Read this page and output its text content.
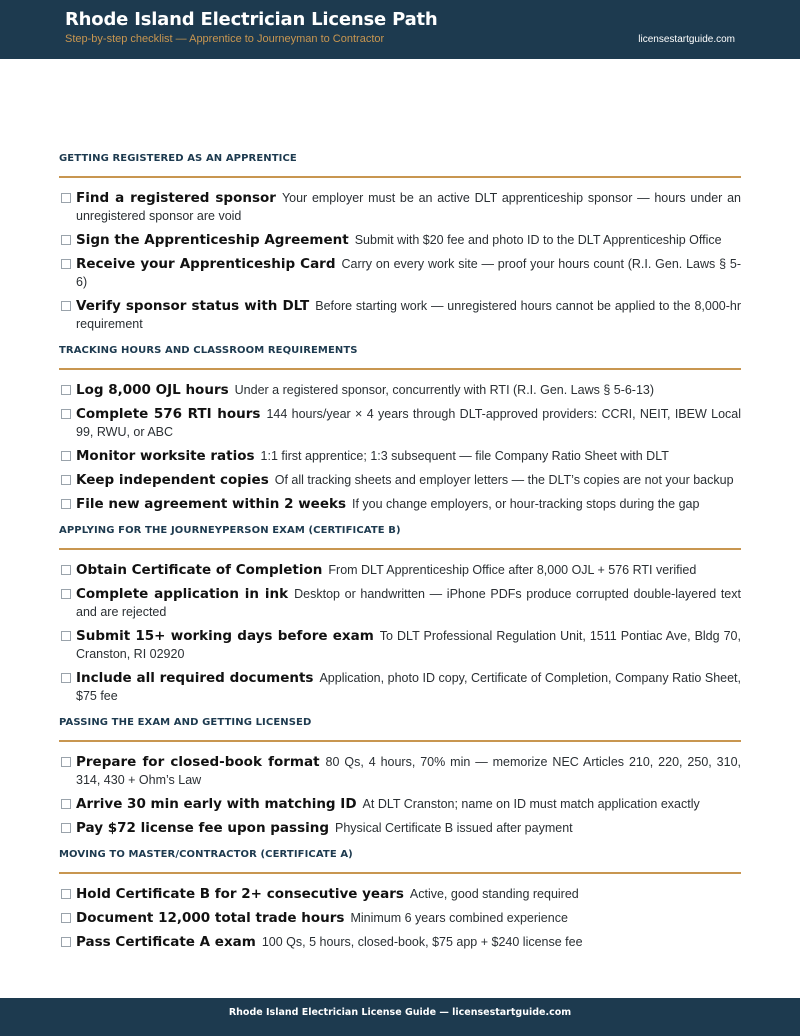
Rhode Island Electrician License Path
Step-by-step checklist — Apprentice to Journeyman to Contractor	licensestartguide.com
GETTING REGISTERED AS AN APPRENTICE
Find a registered sponsor Your employer must be an active DLT apprenticeship sponsor — hours under an unregistered sponsor are void
Sign the Apprenticeship Agreement Submit with $20 fee and photo ID to the DLT Apprenticeship Office
Receive your Apprenticeship Card Carry on every work site — proof your hours count (R.I. Gen. Laws § 5-6)
Verify sponsor status with DLT Before starting work — unregistered hours cannot be applied to the 8,000-hr requirement
TRACKING HOURS AND CLASSROOM REQUIREMENTS
Log 8,000 OJL hours Under a registered sponsor, concurrently with RTI (R.I. Gen. Laws § 5-6-13)
Complete 576 RTI hours 144 hours/year × 4 years through DLT-approved providers: CCRI, NEIT, IBEW Local 99, RWU, or ABC
Monitor worksite ratios 1:1 first apprentice; 1:3 subsequent — file Company Ratio Sheet with DLT
Keep independent copies Of all tracking sheets and employer letters — the DLT’s copies are not your backup
File new agreement within 2 weeks If you change employers, or hour-tracking stops during the gap
APPLYING FOR THE JOURNEYPERSON EXAM (CERTIFICATE B)
Obtain Certificate of Completion From DLT Apprenticeship Office after 8,000 OJL + 576 RTI verified
Complete application in ink Desktop or handwritten — iPhone PDFs produce corrupted double-layered text and are rejected
Submit 15+ working days before exam To DLT Professional Regulation Unit, 1511 Pontiac Ave, Bldg 70, Cranston, RI 02920
Include all required documents Application, photo ID copy, Certificate of Completion, Company Ratio Sheet, $75 fee
PASSING THE EXAM AND GETTING LICENSED
Prepare for closed-book format 80 Qs, 4 hours, 70% min — memorize NEC Articles 210, 220, 250, 310, 314, 430 + Ohm’s Law
Arrive 30 min early with matching ID At DLT Cranston; name on ID must match application exactly
Pay $72 license fee upon passing Physical Certificate B issued after payment
MOVING TO MASTER/CONTRACTOR (CERTIFICATE A)
Hold Certificate B for 2+ consecutive years Active, good standing required
Document 12,000 total trade hours Minimum 6 years combined experience
Pass Certificate A exam 100 Qs, 5 hours, closed-book, $75 app + $240 license fee
Rhode Island Electrician License Guide — licensestartguide.com
